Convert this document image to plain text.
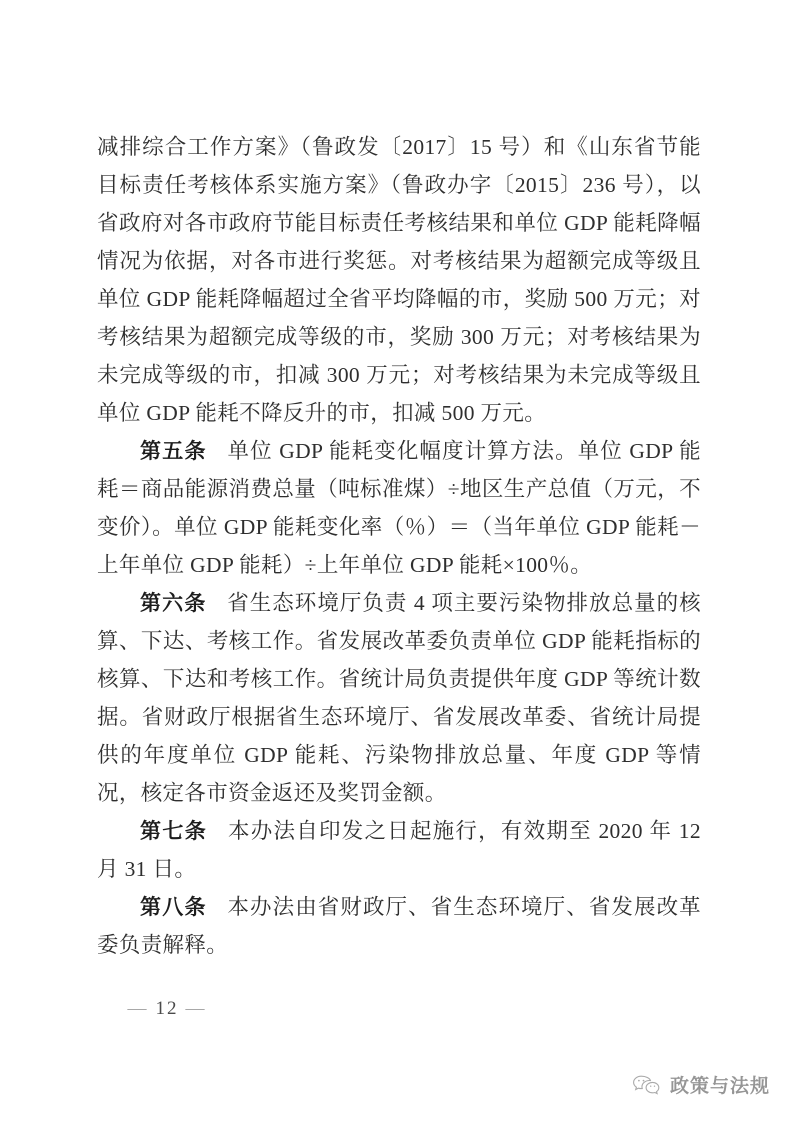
减排综合工作方案》（鲁政发〔2017〕15 号）和《山东省节能目标责任考核体系实施方案》（鲁政办字〔2015〕236 号），以省政府对各市政府节能目标责任考核结果和单位 GDP 能耗降幅情况为依据，对各市进行奖惩。对考核结果为超额完成等级且单位 GDP 能耗降幅超过全省平均降幅的市，奖励 500 万元；对考核结果为超额完成等级的市，奖励 300 万元；对考核结果为未完成等级的市，扣减 300 万元；对考核结果为未完成等级且单位 GDP 能耗不降反升的市，扣减 500 万元。

第五条 单位 GDP 能耗变化幅度计算方法。单位 GDP 能耗＝商品能源消费总量（吨标准煤）÷地区生产总值（万元，不变价）。单位 GDP 能耗变化率（％）＝（当年单位 GDP 能耗－上年单位 GDP 能耗）÷上年单位 GDP 能耗×100％。

第六条 省生态环境厅负责 4 项主要污染物排放总量的核算、下达、考核工作。省发展改革委负责单位 GDP 能耗指标的核算、下达和考核工作。省统计局负责提供年度 GDP 等统计数据。省财政厅根据省生态环境厅、省发展改革委、省统计局提供的年度单位 GDP 能耗、污染物排放总量、年度 GDP 等情况，核定各市资金返还及奖罚金额。

第七条 本办法自印发之日起施行，有效期至 2020 年 12 月 31 日。

第八条 本办法由省财政厅、省生态环境厅、省发展改革委负责解释。

— 12 —
政策与法规
